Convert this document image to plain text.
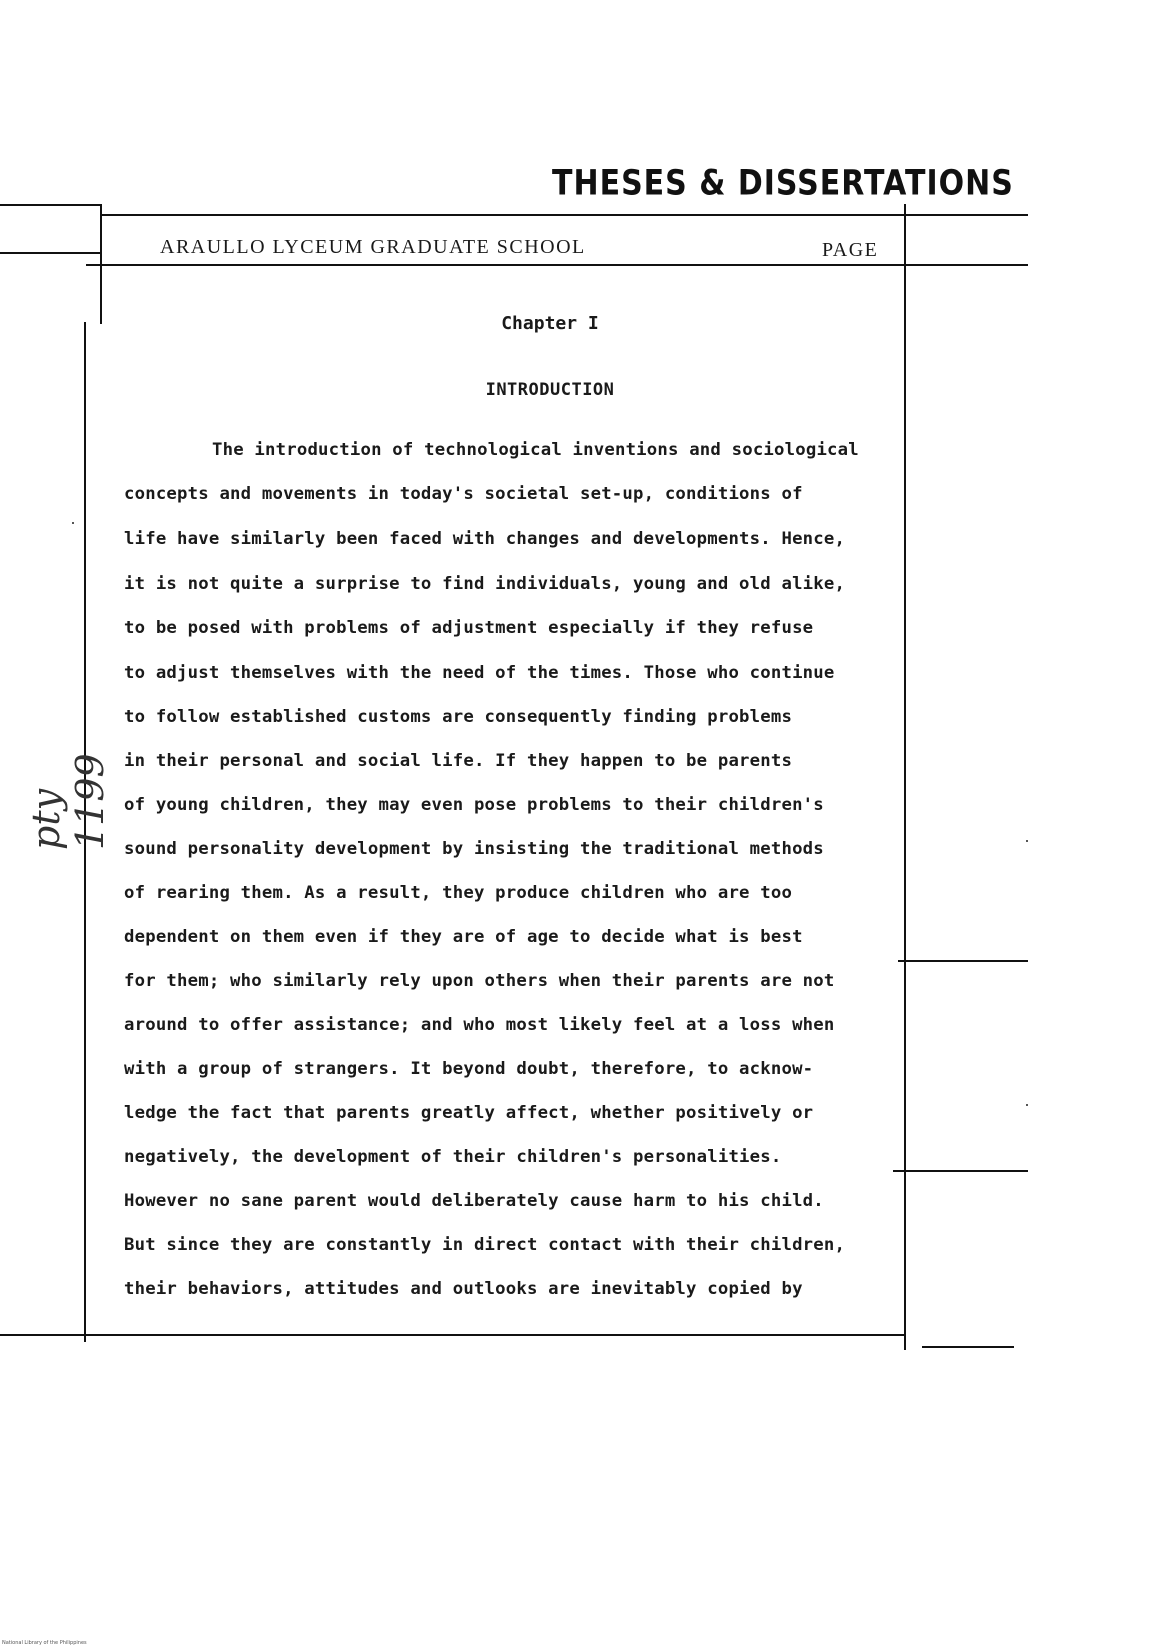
THESES & DISSERTATIONS
ARAULLO LYCEUM GRADUATE SCHOOL	PAGE
Chapter I
INTRODUCTION
The introduction of technological inventions and sociological
concepts and movements in today's societal set-up, conditions of
life have similarly been faced with changes and developments. Hence,
it is not quite a surprise to find individuals, young and old alike,
to be posed with problems of adjustment especially if they refuse
to adjust themselves with the need of the times. Those who continue
to follow established customs are consequently finding problems
in their personal and social life. If they happen to be parents
of young children, they may even pose problems to their children's
sound personality development by insisting the traditional methods
of rearing them. As a result, they produce children who are too
dependent on them even if they are of age to decide what is best
for them; who similarly rely upon others when their parents are not
around to offer assistance; and who most likely feel at a loss when
with a group of strangers. It beyond doubt, therefore, to acknow-
ledge the fact that parents greatly affect, whether positively or
negatively, the development of their children's personalities.
However no sane parent would deliberately cause harm to his child.
But since they are constantly in direct contact with their children,
their behaviors, attitudes and outlooks are inevitably copied by
pty 1199
National Library of the Philippines
